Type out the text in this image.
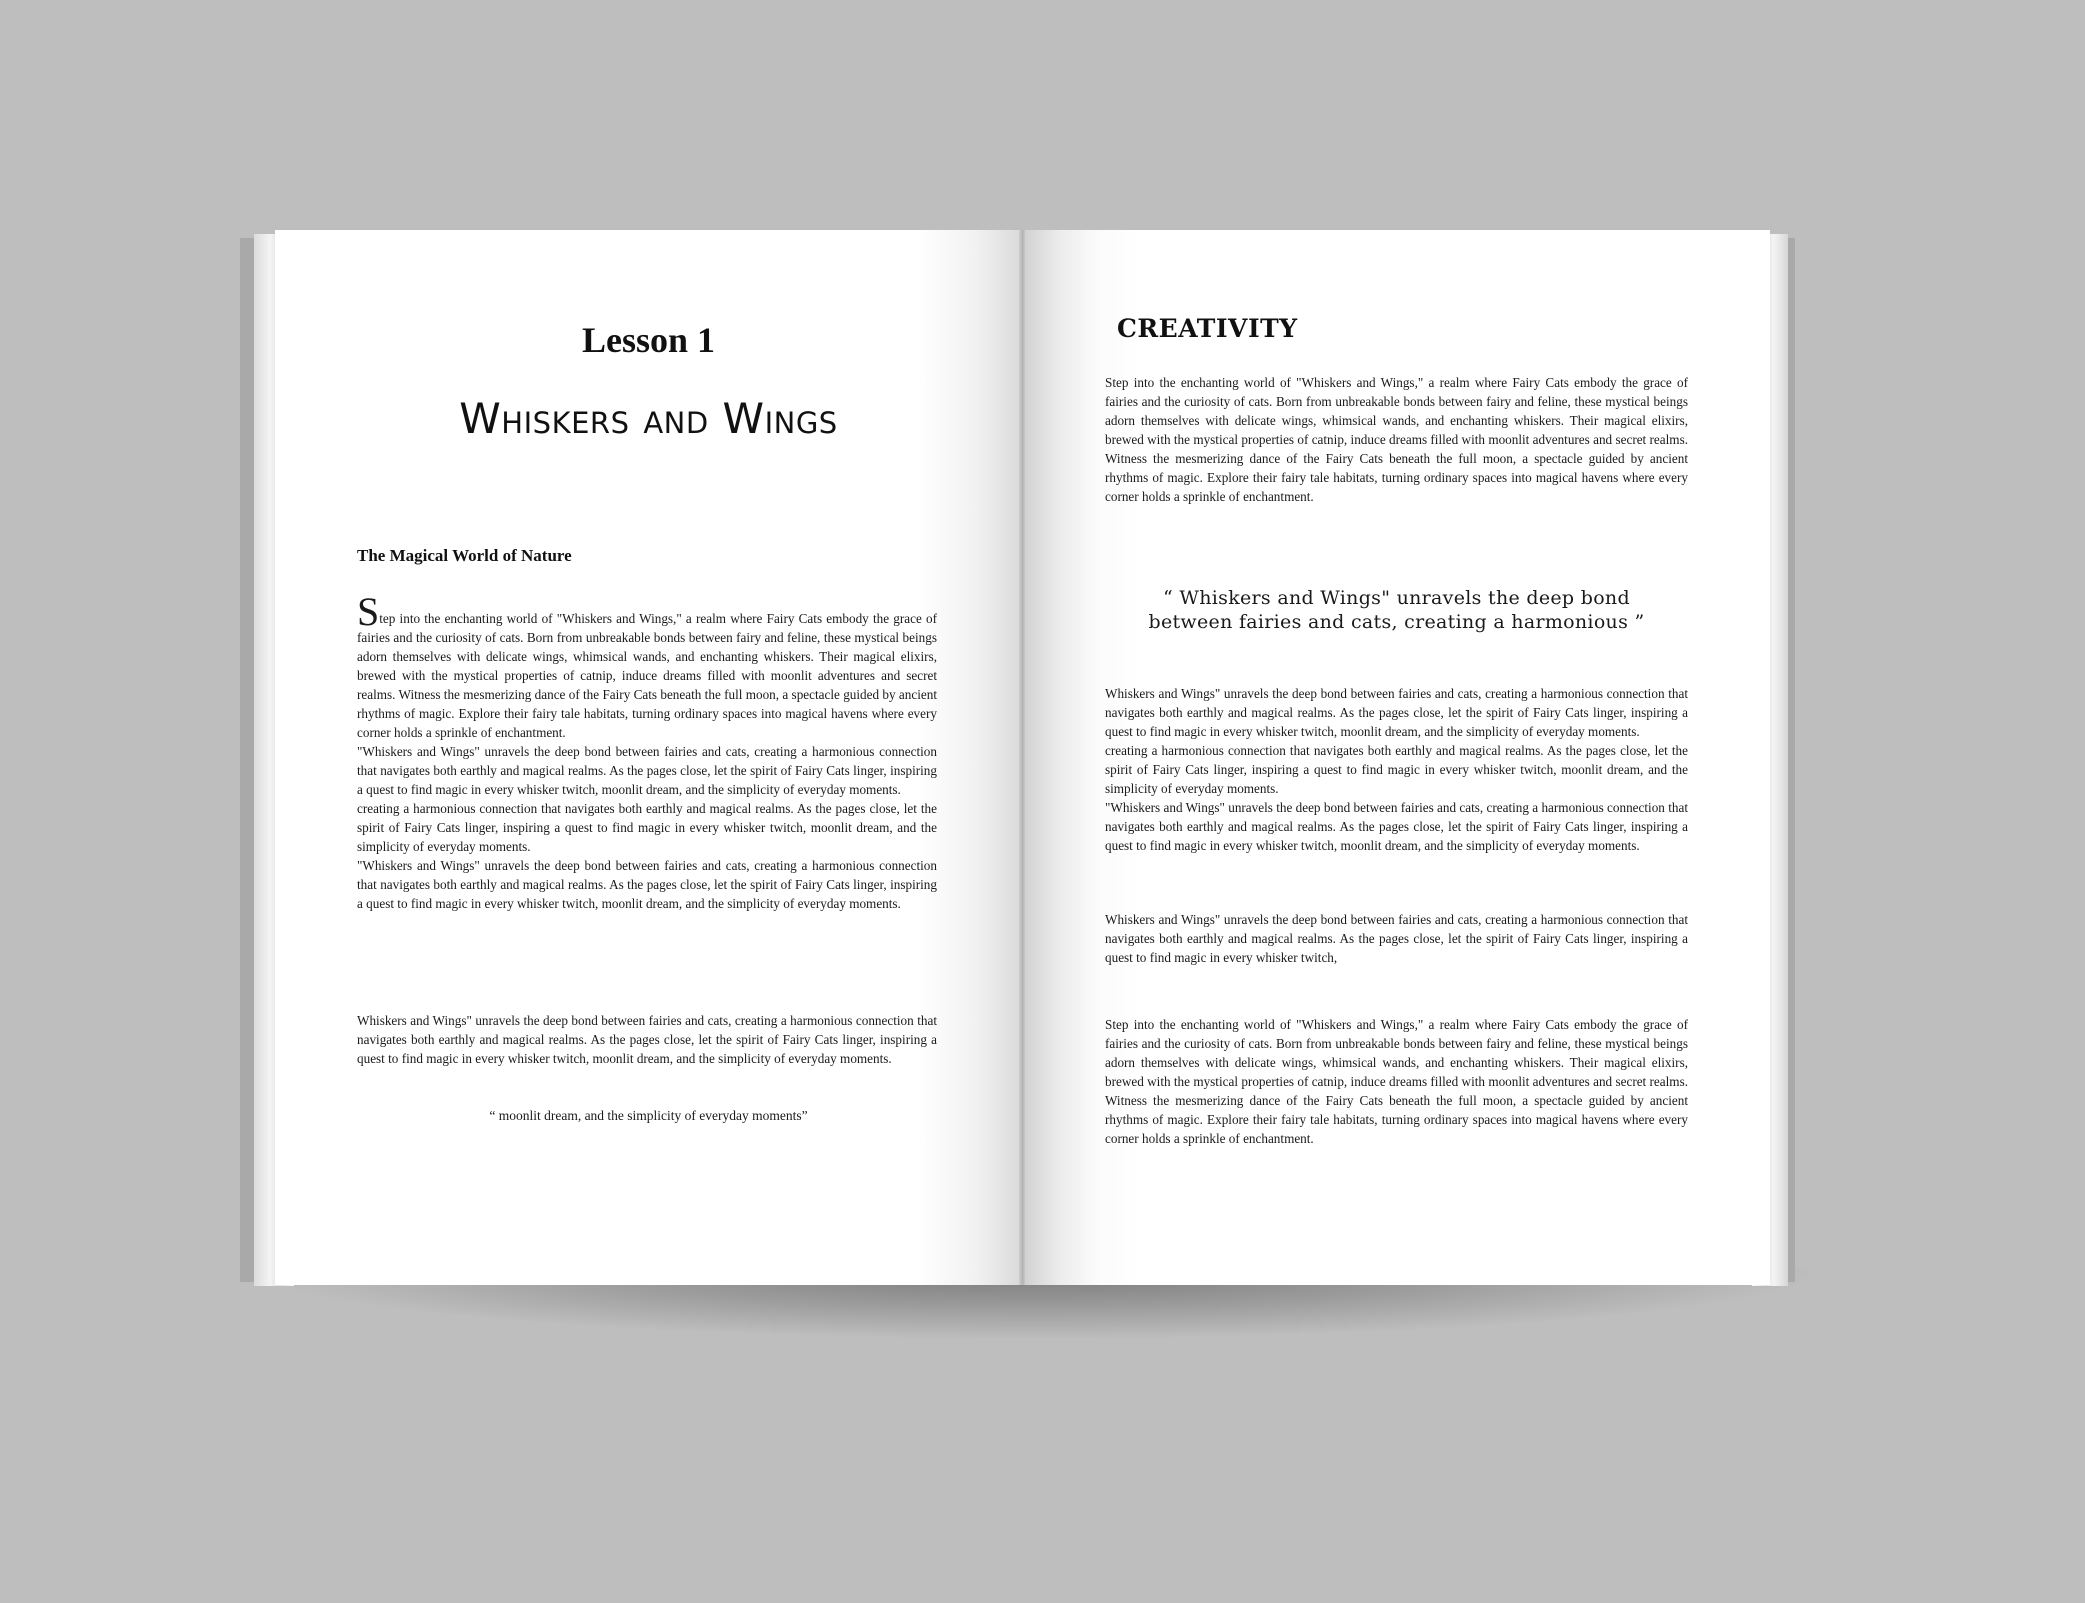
Lesson 1
Whiskers and Wings
The Magical World of Nature

Step into the enchanting world of "Whiskers and Wings," a realm where Fairy Cats embody the grace of fairies and the curiosity of cats. Born from unbreakable bonds between fairy and feline, these mystical beings adorn themselves with delicate wings, whimsical wands, and enchanting whiskers. Their magical elixirs, brewed with the mystical properties of catnip, induce dreams filled with moonlit adventures and secret realms. Witness the mesmerizing dance of the Fairy Cats beneath the full moon, a spectacle guided by ancient rhythms of magic. Explore their fairy tale habitats, turning ordinary spaces into magical havens where every corner holds a sprinkle of enchantment.

"Whiskers and Wings" unravels the deep bond between fairies and cats, creating a harmonious connection that navigates both earthly and magical realms. As the pages close, let the spirit of Fairy Cats linger, inspiring a quest to find magic in every whisker twitch, moonlit dream, and the simplicity of everyday moments.

creating a harmonious connection that navigates both earthly and magical realms. As the pages close, let the spirit of Fairy Cats linger, inspiring a quest to find magic in every whisker twitch, moonlit dream, and the simplicity of everyday moments.

"Whiskers and Wings" unravels the deep bond between fairies and cats, creating a harmonious connection that navigates both earthly and magical realms. As the pages close, let the spirit of Fairy Cats linger, inspiring a quest to find magic in every whisker twitch, moonlit dream, and the simplicity of everyday moments.

Whiskers and Wings" unravels the deep bond between fairies and cats, creating a harmonious connection that navigates both earthly and magical realms. As the pages close, let the spirit of Fairy Cats linger, inspiring a quest to find magic in every whisker twitch, moonlit dream, and the simplicity of everyday moments.

“ moonlit dream, and the simplicity of everyday moments”
CREATIVITY

Step into the enchanting world of "Whiskers and Wings," a realm where Fairy Cats embody the grace of fairies and the curiosity of cats. Born from unbreakable bonds between fairy and feline, these mystical beings adorn themselves with delicate wings, whimsical wands, and enchanting whiskers. Their magical elixirs, brewed with the mystical properties of catnip, induce dreams filled with moonlit adventures and secret realms. Witness the mesmerizing dance of the Fairy Cats beneath the full moon, a spectacle guided by ancient rhythms of magic. Explore their fairy tale habitats, turning ordinary spaces into magical havens where every corner holds a sprinkle of enchantment.

“ Whiskers and Wings" unravels the deep bond
between fairies and cats, creating a harmonious ”

Whiskers and Wings" unravels the deep bond between fairies and cats, creating a harmonious connection that navigates both earthly and magical realms. As the pages close, let the spirit of Fairy Cats linger, inspiring a quest to find magic in every whisker twitch, moonlit dream, and the simplicity of everyday moments.

creating a harmonious connection that navigates both earthly and magical realms. As the pages close, let the spirit of Fairy Cats linger, inspiring a quest to find magic in every whisker twitch, moonlit dream, and the simplicity of everyday moments.

"Whiskers and Wings" unravels the deep bond between fairies and cats, creating a harmonious connection that navigates both earthly and magical realms. As the pages close, let the spirit of Fairy Cats linger, inspiring a quest to find magic in every whisker twitch, moonlit dream, and the simplicity of everyday moments.

Whiskers and Wings" unravels the deep bond between fairies and cats, creating a harmonious connection that navigates both earthly and magical realms. As the pages close, let the spirit of Fairy Cats linger, inspiring a quest to find magic in every whisker twitch,

Step into the enchanting world of "Whiskers and Wings," a realm where Fairy Cats embody the grace of fairies and the curiosity of cats. Born from unbreakable bonds between fairy and feline, these mystical beings adorn themselves with delicate wings, whimsical wands, and enchanting whiskers. Their magical elixirs, brewed with the mystical properties of catnip, induce dreams filled with moonlit adventures and secret realms. Witness the mesmerizing dance of the Fairy Cats beneath the full moon, a spectacle guided by ancient rhythms of magic. Explore their fairy tale habitats, turning ordinary spaces into magical havens where every corner holds a sprinkle of enchantment.
